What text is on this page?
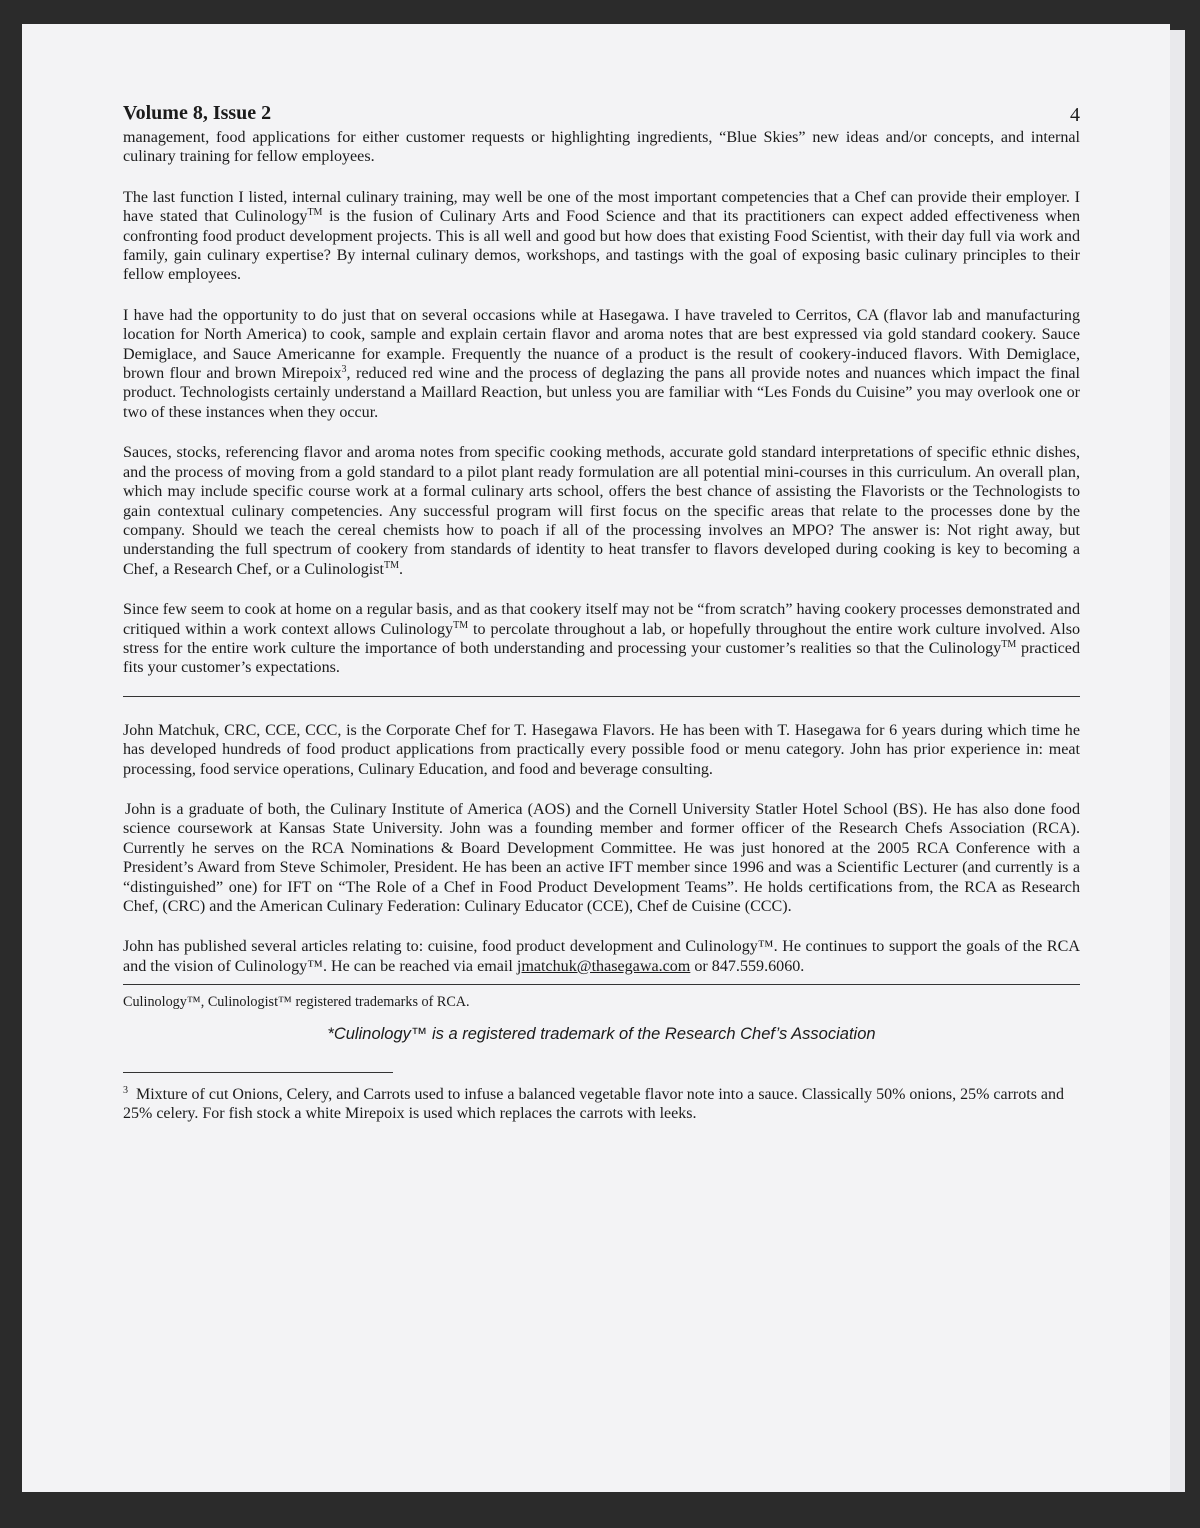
Volume 8, Issue 2	4

management, food applications for either customer requests or highlighting ingredients, “Blue Skies” new ideas and/or concepts, and internal culinary training for fellow employees.

The last function I listed, internal culinary training, may well be one of the most important competencies that a Chef can provide their employer. I have stated that Culinology™ is the fusion of Culinary Arts and Food Science and that its practitioners can expect added effectiveness when confronting food product development projects. This is all well and good but how does that existing Food Scientist, with their day full via work and family, gain culinary expertise? By internal culinary demos, workshops, and tastings with the goal of exposing basic culinary principles to their fellow employees.

I have had the opportunity to do just that on several occasions while at Hasegawa. I have traveled to Cerritos, CA (flavor lab and manufacturing location for North America) to cook, sample and explain certain flavor and aroma notes that are best expressed via gold standard cookery. Sauce Demiglace, and Sauce Americanne for example. Frequently the nuance of a product is the result of cookery-induced flavors. With Demiglace, brown flour and brown Mirepoix$^3$, reduced red wine and the process of deglazing the pans all provide notes and nuances which impact the final product. Technologists certainly understand a Maillard Reaction, but unless you are familiar with “Les Fonds du Cuisine” you may overlook one or two of these instances when they occur.

Sauces, stocks, referencing flavor and aroma notes from specific cooking methods, accurate gold standard interpretations of specific ethnic dishes, and the process of moving from a gold standard to a pilot plant ready formulation are all potential mini-courses in this curriculum. An overall plan, which may include specific course work at a formal culinary arts school, offers the best chance of assisting the Flavorists or the Technologists to gain contextual culinary competencies. Any successful program will first focus on the specific areas that relate to the processes done by the company. Should we teach the cereal chemists how to poach if all of the processing involves an MPO? The answer is: Not right away, but understanding the full spectrum of cookery from standards of identity to heat transfer to flavors developed during cooking is key to becoming a Chef, a Research Chef, or a Culinologist™.

Since few seem to cook at home on a regular basis, and as that cookery itself may not be “from scratch” having cookery processes demonstrated and critiqued within a work context allows Culinology™ to percolate throughout a lab, or hopefully throughout the entire work culture involved. Also stress for the entire work culture the importance of both understanding and processing your customer’s realities so that the Culinology™ practiced fits your customer’s expectations.

John Matchuk, CRC, CCE, CCC, is the Corporate Chef for T. Hasegawa Flavors. He has been with T. Hasegawa for 6 years during which time he has developed hundreds of food product applications from practically every possible food or menu category. John has prior experience in: meat processing, food service operations, Culinary Education, and food and beverage consulting.

John is a graduate of both, the Culinary Institute of America (AOS) and the Cornell University Statler Hotel School (BS). He has also done food science coursework at Kansas State University. John was a founding member and former officer of the Research Chefs Association (RCA). Currently he serves on the RCA Nominations & Board Development Committee. He was just honored at the 2005 RCA Conference with a President’s Award from Steve Schimoler, President. He has been an active IFT member since 1996 and was a Scientific Lecturer (and currently is a “distinguished” one) for IFT on “The Role of a Chef in Food Product Development Teams”. He holds certifications from, the RCA as Research Chef, (CRC) and the American Culinary Federation: Culinary Educator (CCE), Chef de Cuisine (CCC).

John has published several articles relating to: cuisine, food product development and Culinology™. He continues to support the goals of the RCA and the vision of Culinology™. He can be reached via email jmatchuk@thasegawa.com or 847.559.6060.

Culinology™, Culinologist™ registered trademarks of RCA.
*Culinology™ is a registered trademark of the Research Chef’s Association
$^3$ Mixture of cut Onions, Celery, and Carrots used to infuse a balanced vegetable flavor note into a sauce. Classically 50% onions, 25% carrots and 25% celery. For fish stock a white Mirepoix is used which replaces the carrots with leeks.
